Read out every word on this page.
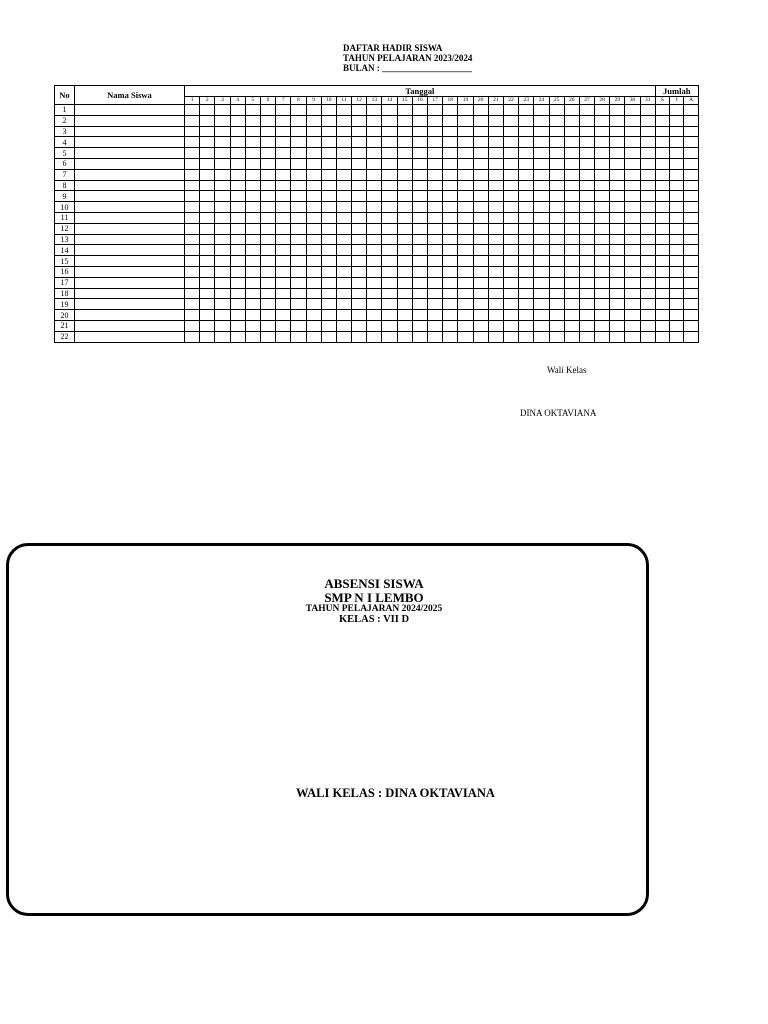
DAFTAR HADIR SISWA
TAHUN PELAJARAN 2023/2024
BULAN : ____________________
No	Nama Siswa	Tanggal																															Jumlah		
		1	2	3	4	5	6	7	8	9	10	11	12	13	14	15	16	17	18	19	20	21	22	23	24	25	26	27	28	29	30	31	S	I	A
1																																			
2																																			
3																																			
4																																			
5																																			
6																																			
7																																			
8																																			
9																																			
10																																			
11																																			
12																																			
13																																			
14																																			
15																																			
16																																			
17																																			
18																																			
19																																			
20																																			
21																																			
22																																			
Wali Kelas
DINA OKTAVIANA
ABSENSI SISWA
SMP N I LEMBO
TAHUN PELAJARAN 2024/2025
KELAS : VII D
WALI KELAS : DINA OKTAVIANA
